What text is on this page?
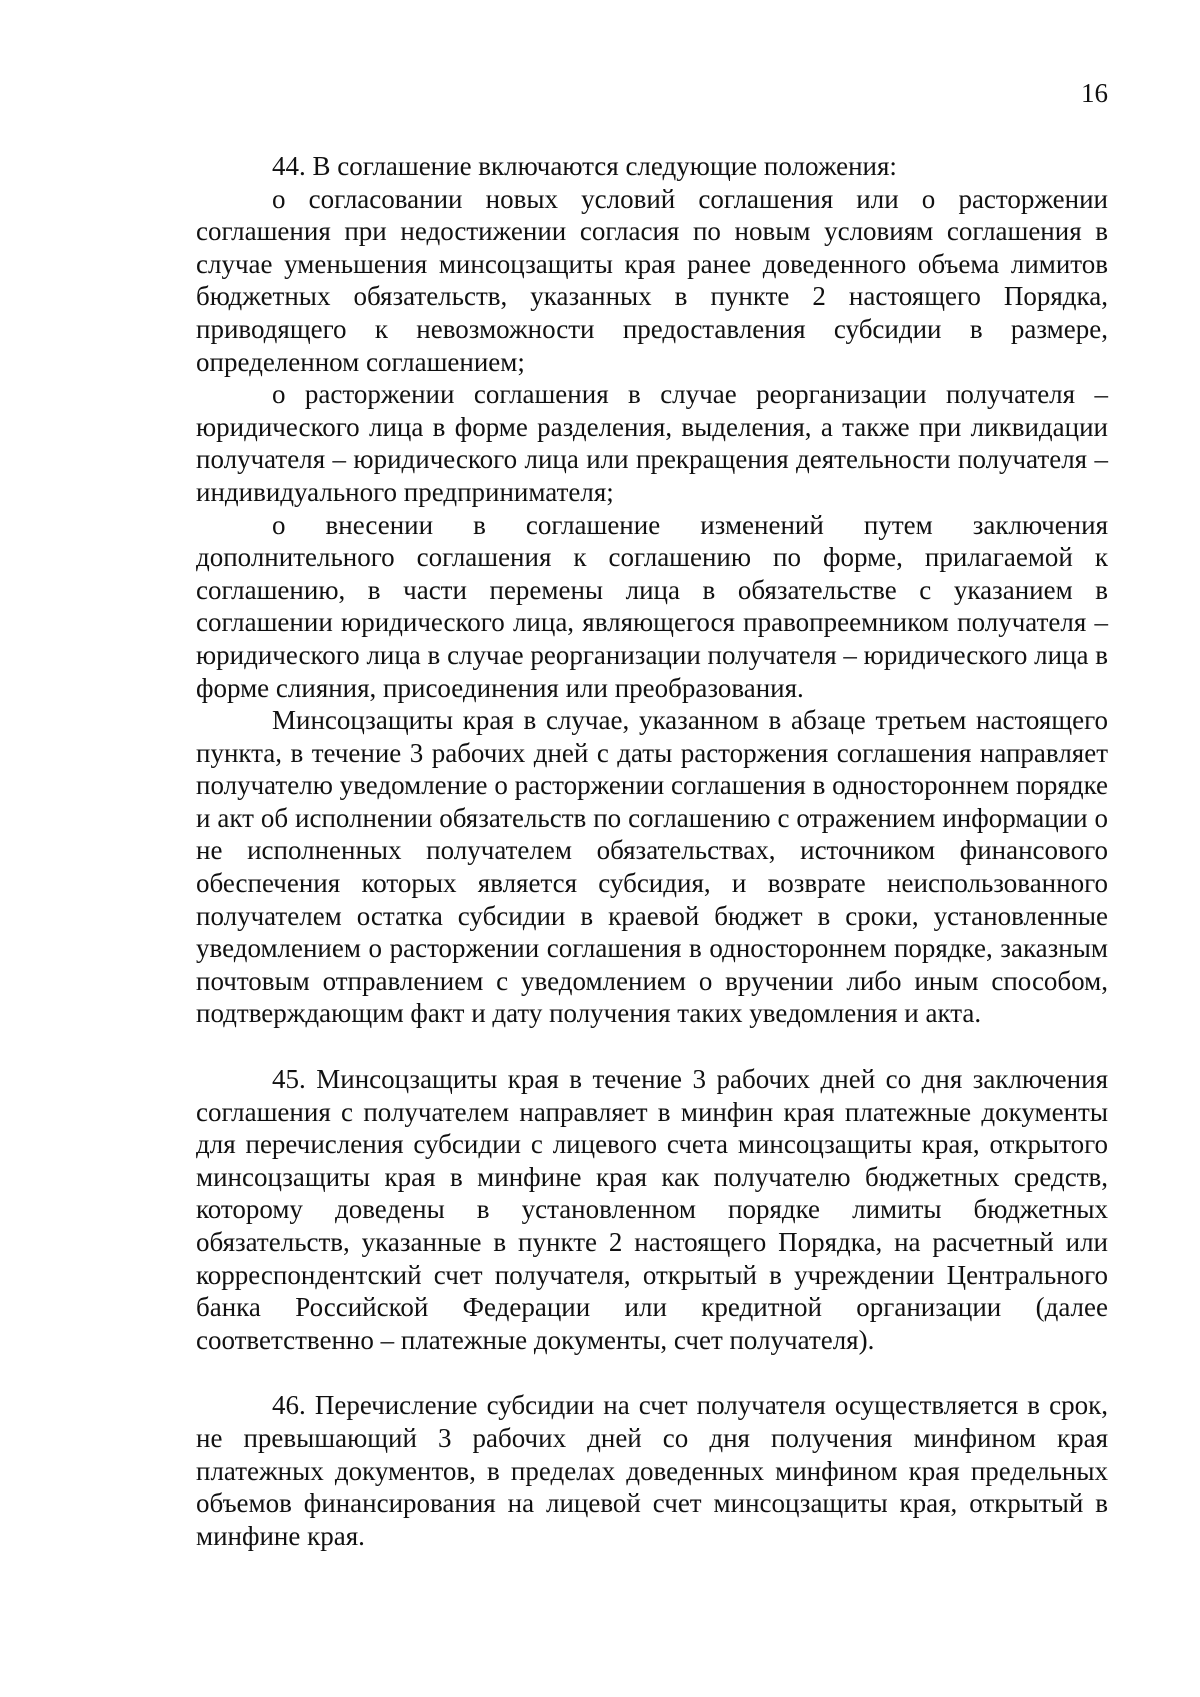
16

44. В соглашение включаются следующие положения:

о согласовании новых условий соглашения или о расторжении соглашения при недостижении согласия по новым условиям соглашения в случае уменьшения минсоцзащиты края ранее доведенного объема лимитов бюджетных обязательств, указанных в пункте 2 настоящего Порядка, приводящего к невозможности предоставления субсидии в размере, определенном соглашением;

о расторжении соглашения в случае реорганизации получателя – юридического лица в форме разделения, выделения, а также при ликвидации получателя – юридического лица или прекращения деятельности получателя – индивидуального предпринимателя;

о внесении в соглашение изменений путем заключения дополнительного соглашения к соглашению по форме, прилагаемой к соглашению, в части перемены лица в обязательстве с указанием в соглашении юридического лица, являющегося правопреемником получателя – юридического лица в случае реорганизации получателя – юридического лица в форме слияния, присоединения или преобразования.

Минсоцзащиты края в случае, указанном в абзаце третьем настоящего пункта, в течение 3 рабочих дней с даты расторжения соглашения направляет получателю уведомление о расторжении соглашения в одностороннем порядке и акт об исполнении обязательств по соглашению с отражением информации о не исполненных получателем обязательствах, источником финансового обеспечения которых является субсидия, и возврате неиспользованного получателем остатка субсидии в краевой бюджет в сроки, установленные уведомлением о расторжении соглашения в одностороннем порядке, заказным почтовым отправлением с уведомлением о вручении либо иным способом, подтверждающим факт и дату получения таких уведомления и акта.

45. Минсоцзащиты края в течение 3 рабочих дней со дня заключения соглашения с получателем направляет в минфин края платежные документы для перечисления субсидии с лицевого счета минсоцзащиты края, открытого минсоцзащиты края в минфине края как получателю бюджетных средств, которому доведены в установленном порядке лимиты бюджетных обязательств, указанные в пункте 2 настоящего Порядка, на расчетный или корреспондентский счет получателя, открытый в учреждении Центрального банка Российской Федерации или кредитной организации (далее соответственно – платежные документы, счет получателя).

46. Перечисление субсидии на счет получателя осуществляется в срок, не превышающий 3 рабочих дней со дня получения минфином края платежных документов, в пределах доведенных минфином края предельных объемов финансирования на лицевой счет минсоцзащиты края, открытый в минфине края.
